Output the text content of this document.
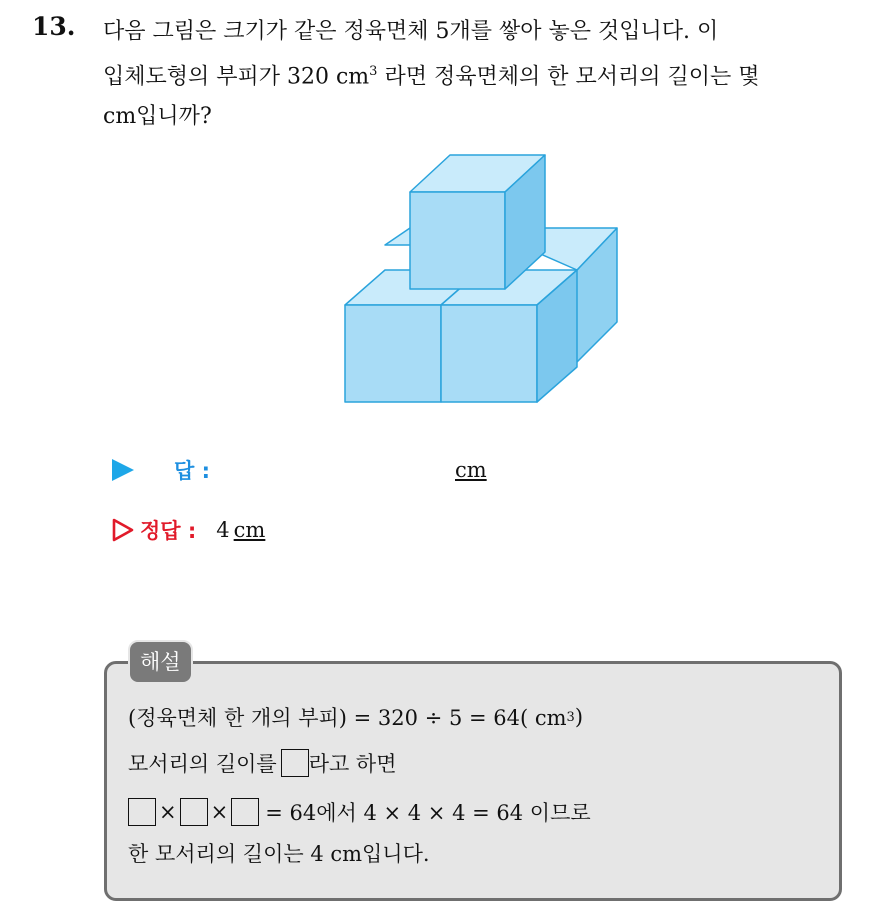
13. 다음 그림은 크기가 같은 정육면체 5개를 쌓아 놓은 것입니다. 이
입체도형의 부피가 320 $cm^3$ 라면 정육면체의 한 모서리의 길이는 몇
cm입니까?
답 :	cm
정답 : 4 cm
해설
(정육면체 한 개의 부피) = 320 ÷ 5 = 64( cm 3 )
모서리의 길이를 라고 하면
× × = 64에서 4 × 4 × 4 = 64 이므로
한 모서리의 길이는 4 cm입니다.
